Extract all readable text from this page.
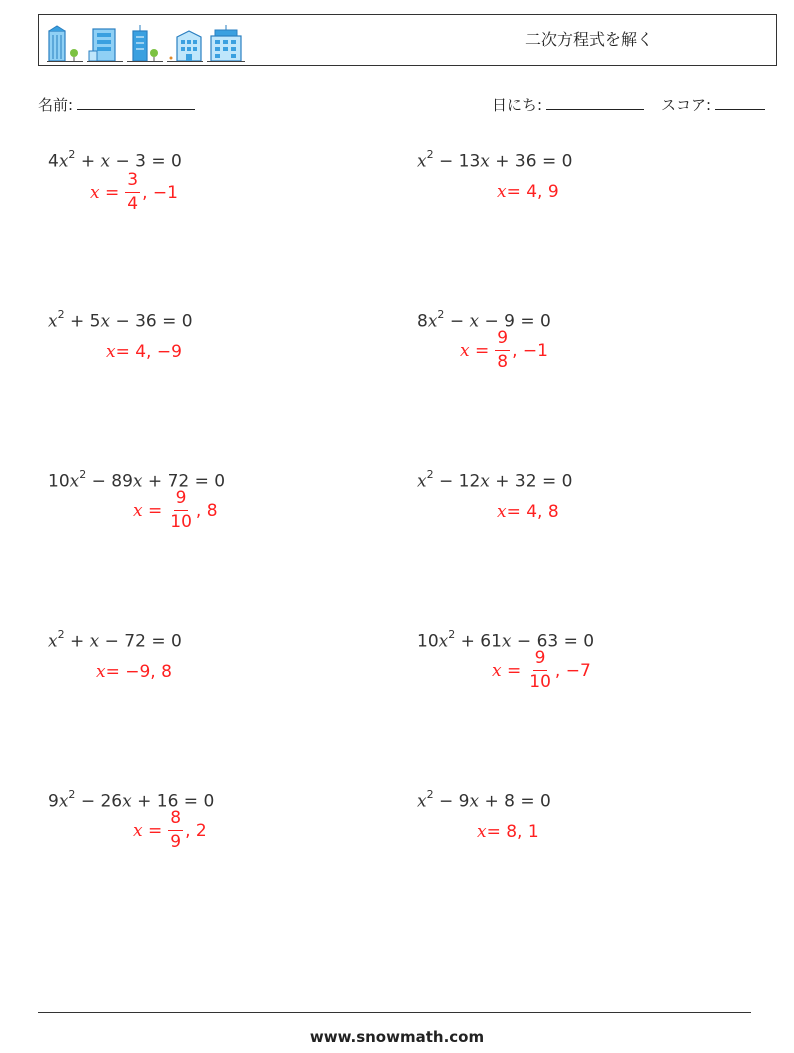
二次方程式を解く
名前:	日にち:	スコア:
$4x^2 + x - 3 = 0$
$x = \frac{3}{4}$ , −1
$x^2 - 13x + 36 = 0$
x = 4, 9
$x^2 + 5x - 36 = 0$
x = 4, −9
$8x^2 - x - 9 = 0$
$x = \frac{9}{8}$ , −1
$10x^2 - 89x + 72 = 0$
$x = \frac{9}{10}$ , 8
$x^2 - 12x + 32 = 0$
x = 4, 8
$x^2 + x - 72 = 0$
x = −9, 8
$10x^2 + 61x - 63 = 0$
$x = \frac{9}{10}$ , −7
$9x^2 - 26x + 16 = 0$
$x = \frac{8}{9}$ , 2
$x^2 - 9x + 8 = 0$
x = 8, 1
www.snowmath.com
